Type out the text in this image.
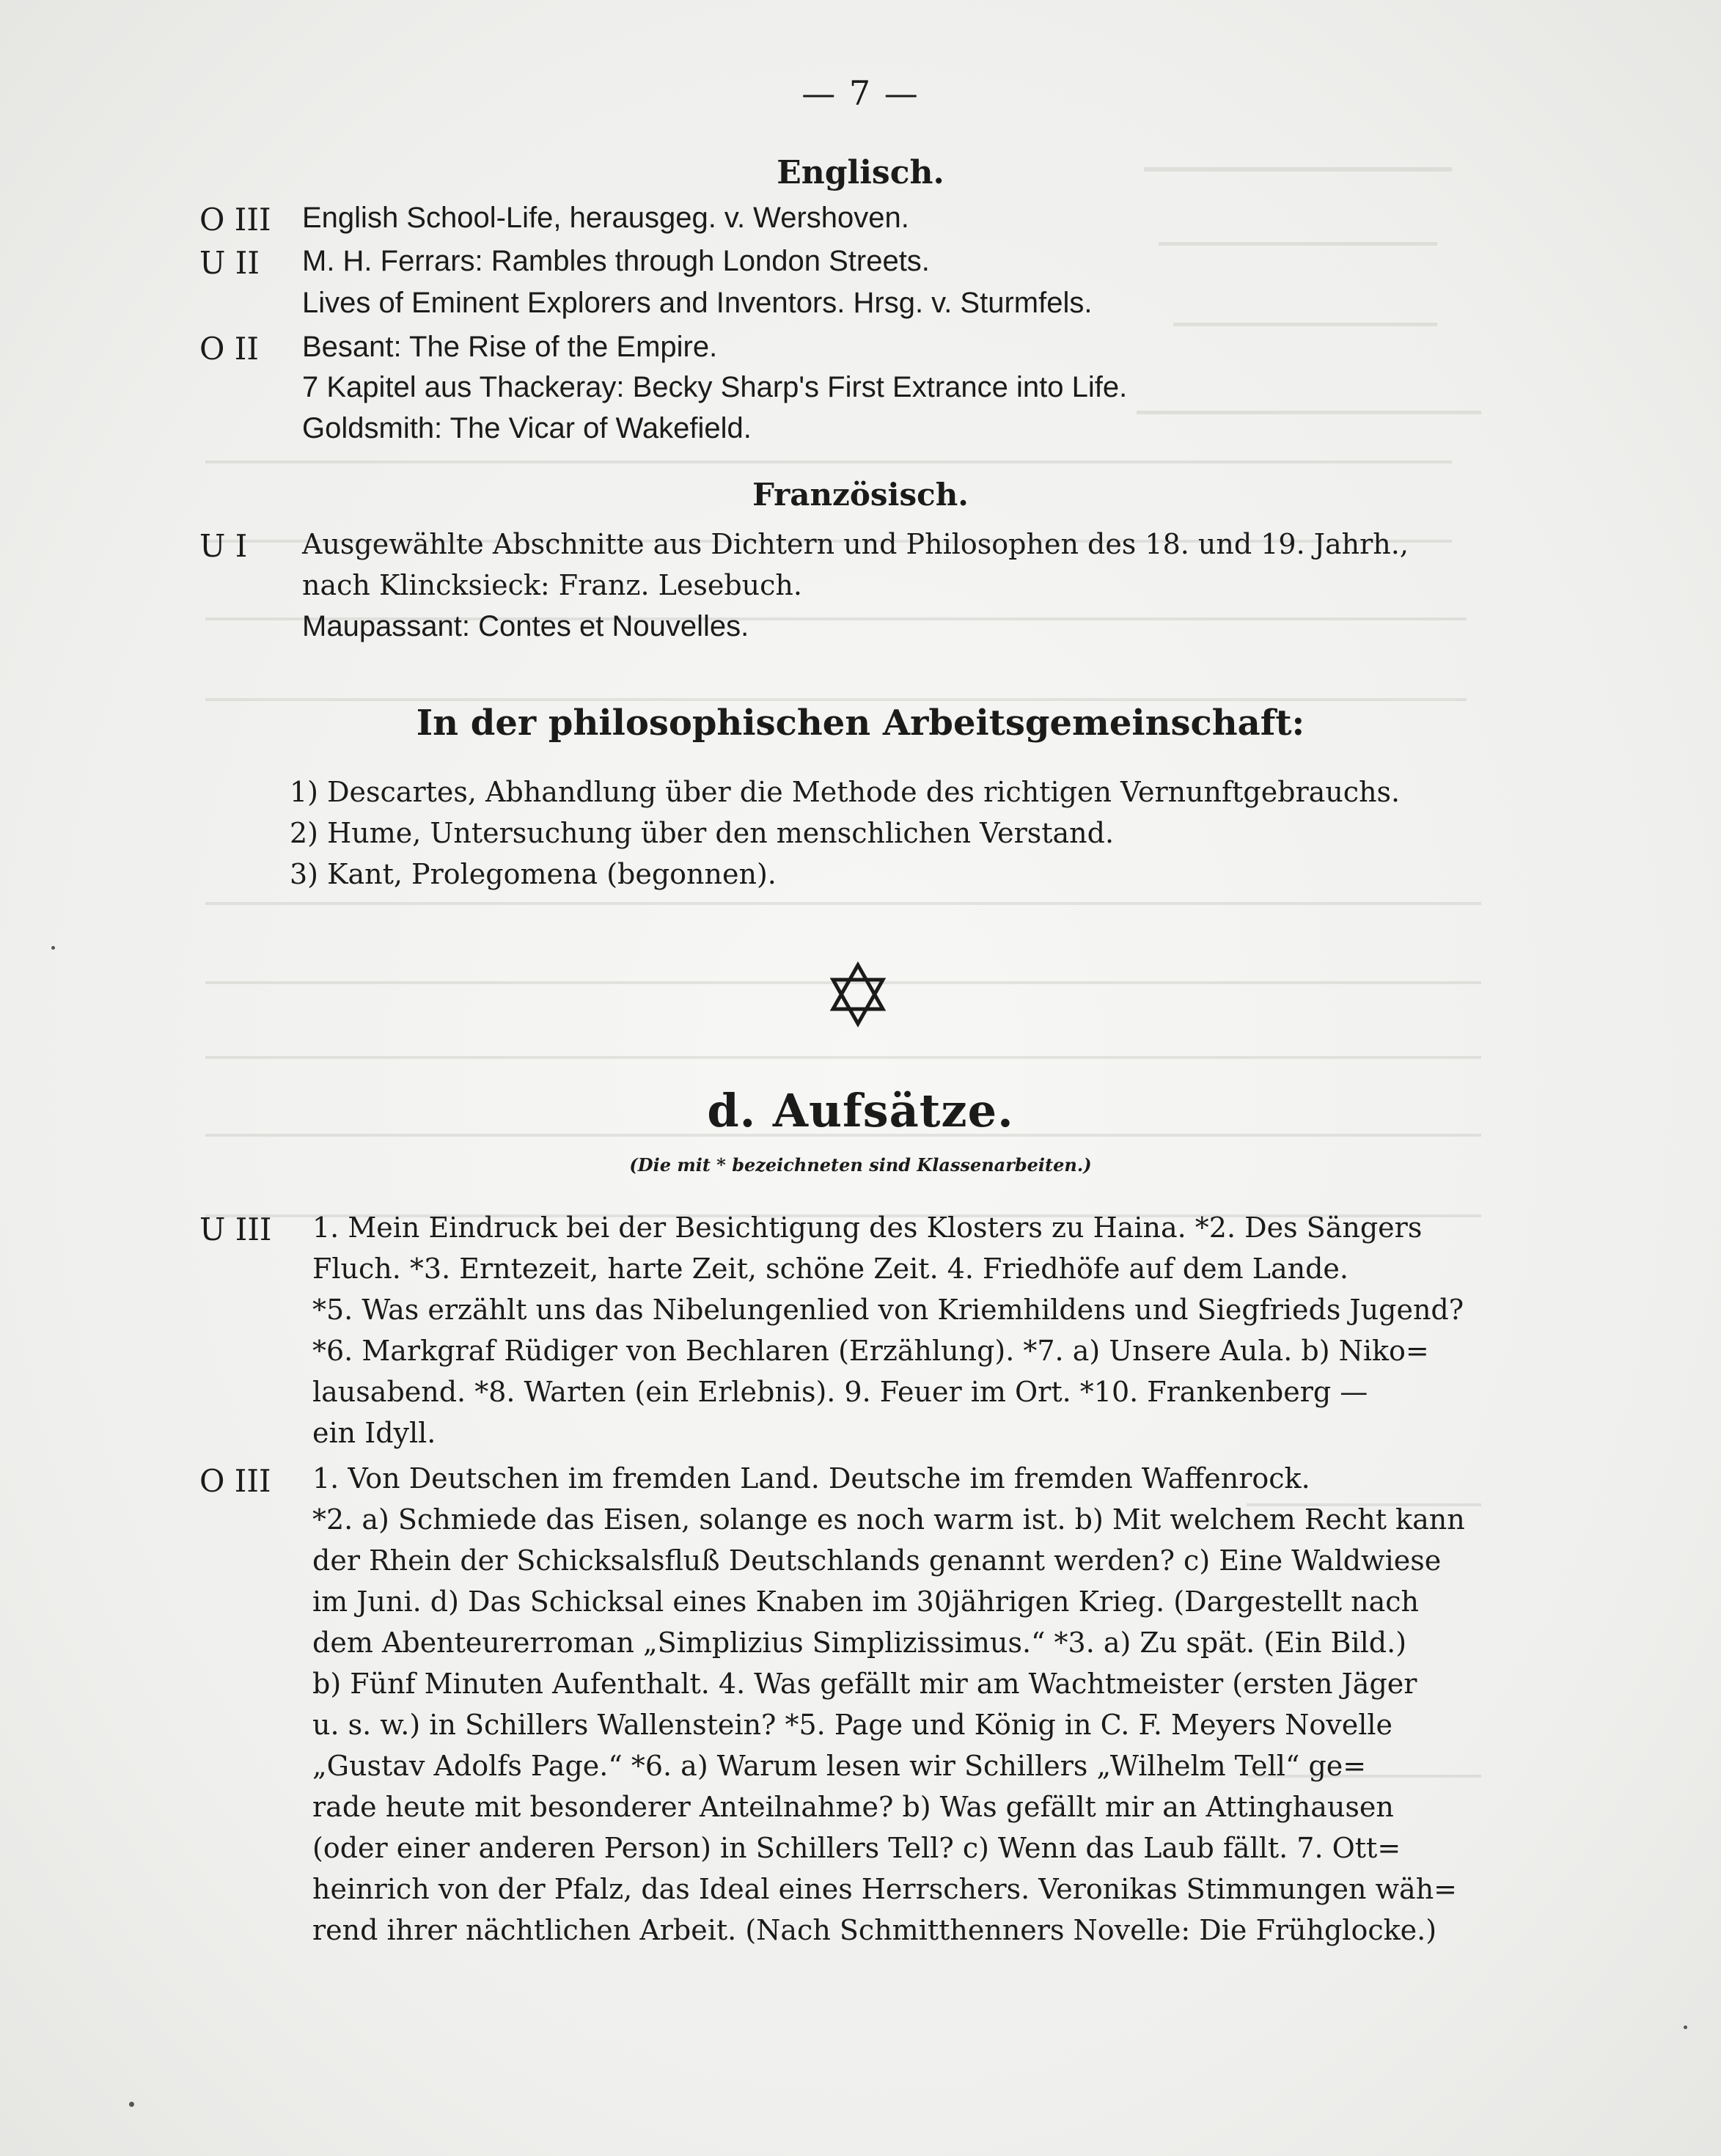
— 7 —
Englisch.
O III English School-Life, herausgeg. v. Wershoven.
U II M. H. Ferrars: Rambles through London Streets.
Lives of Eminent Explorers and Inventors. Hrsg. v. Sturmfels.
O II Besant: The Rise of the Empire.
7 Kapitel aus Thackeray: Becky Sharp's First Extrance into Life.
Goldsmith: The Vicar of Wakefield.
Französisch.
U I Ausgewählte Abschnitte aus Dichtern und Philosophen des 18. und 19. Jahrh.,
nach Klincksieck: Franz. Lesebuch.
Maupassant: Contes et Nouvelles.
In der philosophischen Arbeitsgemeinschaft:
1) Descartes, Abhandlung über die Methode des richtigen Vernunftgebrauchs.
2) Hume, Untersuchung über den menschlichen Verstand.
3) Kant, Prolegomena (begonnen).
d. Aufsätze.
(Die mit * bezeichneten sind Klassenarbeiten.)
U III 1. Mein Eindruck bei der Besichtigung des Klosters zu Haina. *2. Des Sängers
Fluch. *3. Erntezeit, harte Zeit, schöne Zeit. 4. Friedhöfe auf dem Lande.
*5. Was erzählt uns das Nibelungenlied von Kriemhildens und Siegfrieds Jugend?
*6. Markgraf Rüdiger von Bechlaren (Erzählung). *7. a) Unsere Aula. b) Niko=
lausabend. *8. Warten (ein Erlebnis). 9. Feuer im Ort. *10. Frankenberg —
ein Idyll.
O III 1. Von Deutschen im fremden Land. Deutsche im fremden Waffenrock.
*2. a) Schmiede das Eisen, solange es noch warm ist. b) Mit welchem Recht kann
der Rhein der Schicksalsfluß Deutschlands genannt werden? c) Eine Waldwiese
im Juni. d) Das Schicksal eines Knaben im 30jährigen Krieg. (Dargestellt nach
dem Abenteurerroman „Simplizius Simplizissimus.“ *3. a) Zu spät. (Ein Bild.)
b) Fünf Minuten Aufenthalt. 4. Was gefällt mir am Wachtmeister (ersten Jäger
u. s. w.) in Schillers Wallenstein? *5. Page und König in C. F. Meyers Novelle
„Gustav Adolfs Page.“ *6. a) Warum lesen wir Schillers „Wilhelm Tell“ ge=
rade heute mit besonderer Anteilnahme? b) Was gefällt mir an Attinghausen
(oder einer anderen Person) in Schillers Tell? c) Wenn das Laub fällt. 7. Ott=
heinrich von der Pfalz, das Ideal eines Herrschers. Veronikas Stimmungen wäh=
rend ihrer nächtlichen Arbeit. (Nach Schmitthenners Novelle: Die Frühglocke.)
